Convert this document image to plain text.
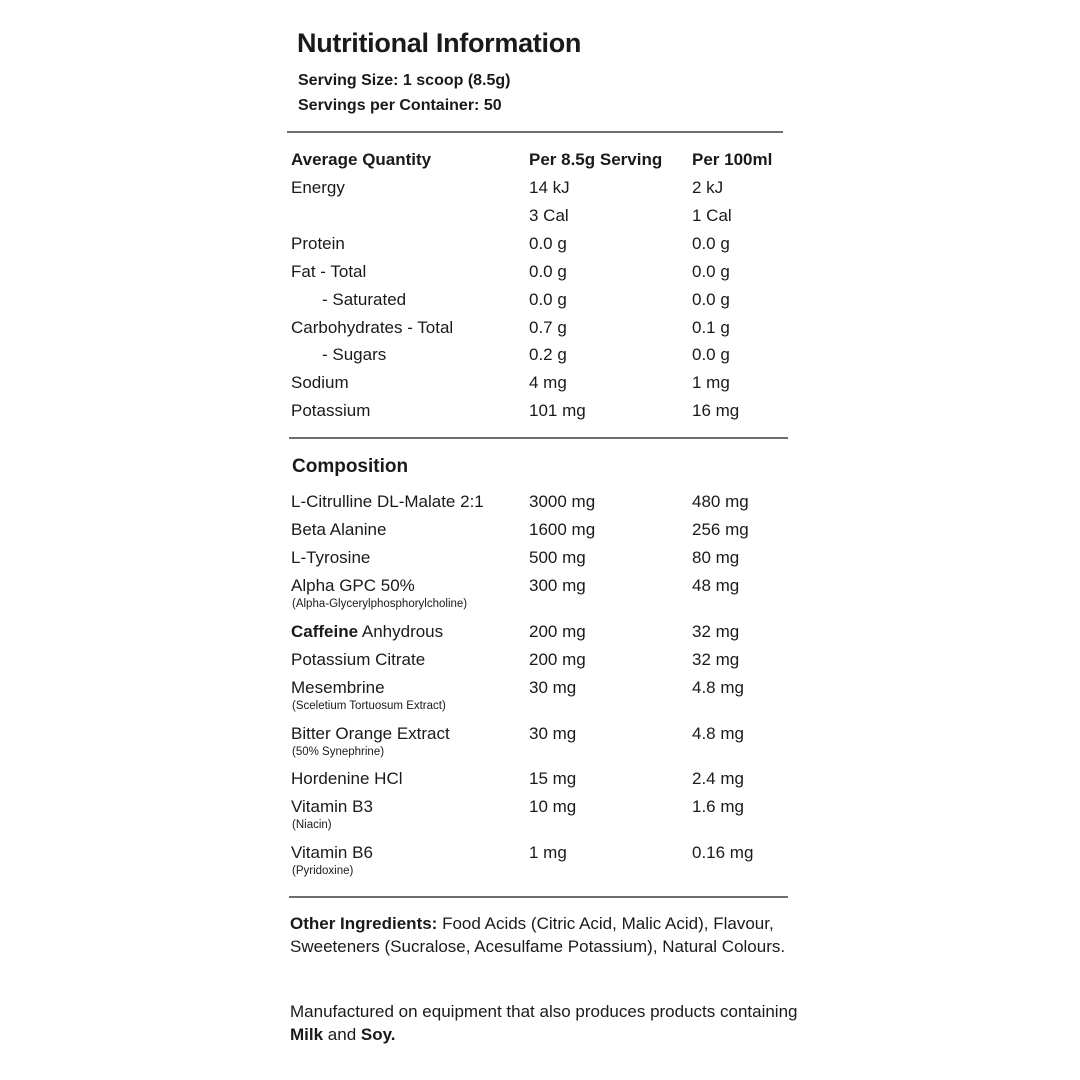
Nutritional Information
Serving Size: 1 scoop (8.5g)
Servings per Container: 50
Average Quantity	Per 8.5g Serving Per 100ml
Energy	14 kJ	2 kJ
3 Cal	1 Cal
Protein	0.0 g	0.0 g
Fat - Total	0.0 g	0.0 g
- Saturated	0.0 g	0.0 g
Carbohydrates - Total	0.7 g	0.1 g
- Sugars	0.2 g	0.0 g
Sodium	4 mg	1 mg
Potassium	101 mg	16 mg
Composition
L-Citrulline DL-Malate 2:1	3000 mg	480 mg
Beta Alanine	1600 mg	256 mg
L-Tyrosine	500 mg	80 mg
Alpha GPC 50%
(Alpha-Glycerylphosphorylcholine)
300 mg	48 mg
Caffeine Anhydrous	200 mg	32 mg
Potassium Citrate	200 mg	32 mg
Mesembrine
(Sceletium Tortuosum Extract)
30 mg	4.8 mg
Bitter Orange Extract
(50% Synephrine)
30 mg	4.8 mg
Hordenine HCl	15 mg	2.4 mg
Vitamin B3
(Niacin)
10 mg	1.6 mg
Vitamin B6
(Pyridoxine)
1 mg	0.16 mg
Other Ingredients: Food Acids (Citric Acid, Malic Acid), Flavour, Sweeteners (Sucralose, Acesulfame Potassium), Natural Colours.
Manufactured on equipment that also produces products containing Milk and Soy.
